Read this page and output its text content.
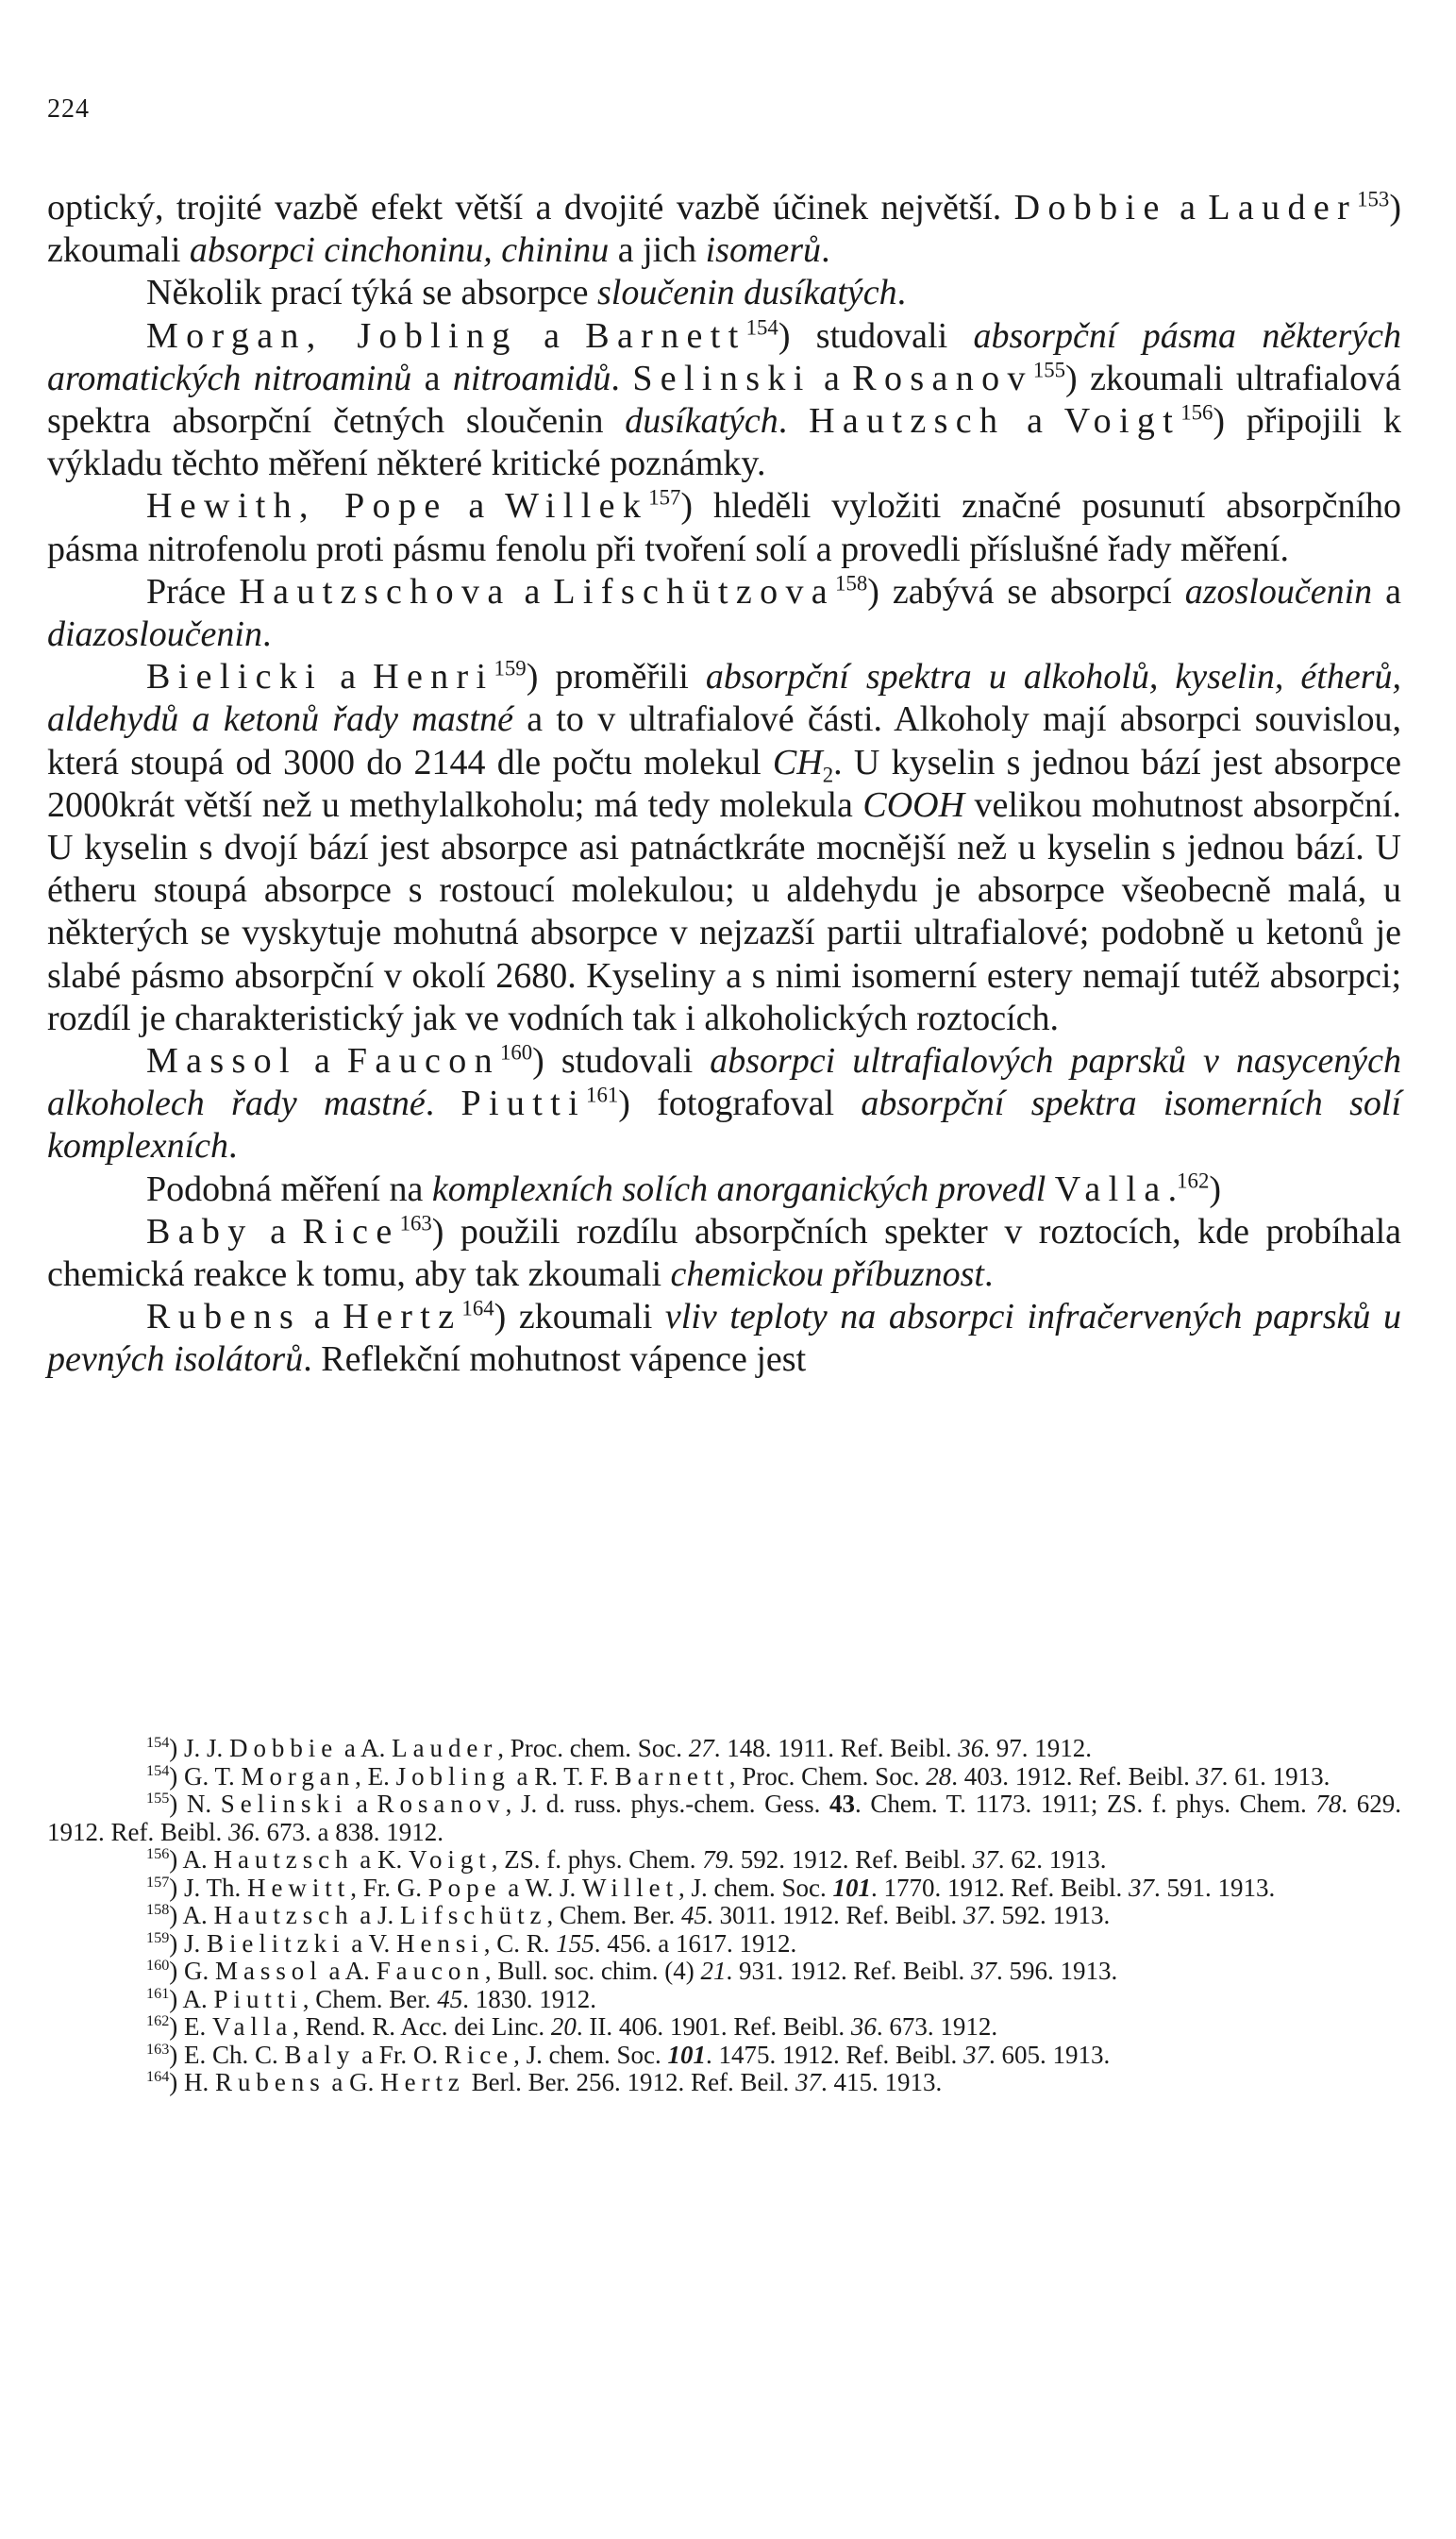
224

optický, trojité vazbě efekt větší a dvojité vazbě účinek největší. Dobbie a Lauder$^{153}$) zkoumali absorpci cinchoninu, chininu a jich isomerů.

Několik prací týká se absorpce sloučenin dusíkatých.

Morgan, Jobling a Barnett$^{154}$) studovali absorpční pásma některých aromatických nitroaminů a nitroamidů. Selinski a Rosanov$^{155}$) zkoumali ultrafialová spektra absorpční četných sloučenin dusíkatých. Hautzsch a Voigt$^{156}$) připojili k výkladu těchto měření některé kritické poznámky.

Hewith, Pope a Willek$^{157}$) hleděli vyložiti značné posunutí absorpčního pásma nitrofenolu proti pásmu fenolu při tvoření solí a provedli příslušné řady měření.

Práce Hautzschova a Lifschützova$^{158}$) zabývá se absorpcí azosloučenin a diazosloučenin.

Bielicki a Henri$^{159}$) proměřili absorpční spektra u alkoholů, kyselin, étherů, aldehydů a ketonů řady mastné a to v ultrafialové části. Alkoholy mají absorpci souvislou, která stoupá od 3000 do 2144 dle počtu molekul $CH_2$. U kyselin s jednou bází jest absorpce 2000krát větší než u methylalkoholu; má tedy molekula COOH velikou mohutnost absorpční. U kyselin s dvojí bází jest absorpce asi patnáctkráte mocnější než u kyselin s jednou bází. U étheru stoupá absorpce s rostoucí molekulou; u aldehydu je absorpce všeobecně malá, u některých se vyskytuje mohutná absorpce v nejzazší partii ultrafialové; podobně u ketonů je slabé pásmo absorpční v okolí 2680. Kyseliny a s nimi isomerní estery nemají tutéž absorpci; rozdíl je charakteristický jak ve vodních tak i alkoholických roztocích.

Massol a Faucon$^{160}$) studovali absorpci ultrafialových paprsků v nasycených alkoholech řady mastné. Piutti$^{161}$) fotografoval absorpční spektra isomerních solí komplexních.

Podobná měření na komplexních solích anorganických provedl Valla.$^{162}$)

Baby a Rice$^{163}$) použili rozdílu absorpčních spekter v roztocích, kde probíhala chemická reakce k tomu, aby tak zkoumali chemickou příbuznost.

Rubens a Hertz$^{164}$) zkoumali vliv teploty na absorpci infračervených paprsků u pevných isolátorů. Reflekční mohutnost vápence jest

$^{154}$) J. J. Dobbie a A. Lauder, Proc. chem. Soc. 27. 148. 1911. Ref. Beibl. 36. 97. 1912.

$^{154}$) G. T. Morgan, E. Jobling a R. T. F. Barnett, Proc. Chem. Soc. 28. 403. 1912. Ref. Beibl. 37. 61. 1913.

$^{155}$) N. Selinski a Rosanov, J. d. russ. phys.-chem. Gess. 43. Chem. T. 1173. 1911; ZS. f. phys. Chem. 78. 629. 1912. Ref. Beibl. 36. 673. a 838. 1912.

$^{156}$) A. Hautzsch a K. Voigt, ZS. f. phys. Chem. 79. 592. 1912. Ref. Beibl. 37. 62. 1913.

$^{157}$) J. Th. Hewitt, Fr. G. Pope a W. J. Willet, J. chem. Soc. 101. 1770. 1912. Ref. Beibl. 37. 591. 1913.

$^{158}$) A. Hautzsch a J. Lifschütz, Chem. Ber. 45. 3011. 1912. Ref. Beibl. 37. 592. 1913.

$^{159}$) J. Bielitzki a V. Hensi, C. R. 155. 456. a 1617. 1912.

$^{160}$) G. Massol a A. Faucon, Bull. soc. chim. (4) 21. 931. 1912. Ref. Beibl. 37. 596. 1913.

$^{161}$) A. Piutti, Chem. Ber. 45. 1830. 1912.

$^{162}$) E. Valla, Rend. R. Acc. dei Linc. 20. II. 406. 1901. Ref. Beibl. 36. 673. 1912.

$^{163}$) E. Ch. C. Baly a Fr. O. Rice, J. chem. Soc. 101. 1475. 1912. Ref. Beibl. 37. 605. 1913.

$^{164}$) H. Rubens a G. Hertz Berl. Ber. 256. 1912. Ref. Beil. 37. 415. 1913.
